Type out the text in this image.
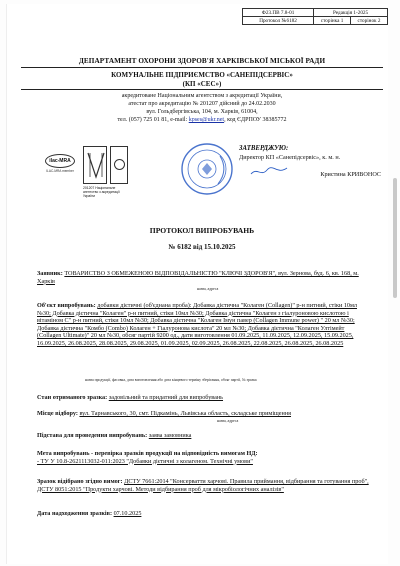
Ф23.ПВ 7.8-01	Редакція 1-2025	
Протокол №6182	сторінка 1	сторінок 2
ДЕПАРТАМЕНТ ОХОРОНИ ЗДОРОВ'Я ХАРКІВСЬКОЇ МІСЬКОЇ РАДИ
КОМУНАЛЬНЕ ПІДПРИЄМСТВО «САНЕПІДСЕРВІС»
(КП «СЕС»)
акредитоване Національним агентством з акредитації України,
атестат про акредитацію № 201207 дійсний до 24.02.2030
вул. Гольдбергівська, 104, м. Харків, 61004,
тел. (057) 725 01 81, e-mail: kpses@ukr.net, код ЄДРПОУ 38385772
ilac-MRA
ILAC-MRA member
201207 Національне агентство з акредитації України
ЗАТВЕРДЖУЮ:
Директор КП «Санепідсервіс», к. м. н.
Кристина КРИВОНОС
ПРОТОКОЛ ВИПРОБУВАНЬ
№ 6182 від 15.10.2025
Заявник: ТОВАРИСТВО З ОБМЕЖЕНОЮ ВІДПОВІДАЛЬНІСТЮ "КЛЮЧІ ЗДОРОВ'Я", вул. Зернова, буд. 6, кв. 168, м. Харків
назва, адреса
Об'єкт випробувань: добавки дієтичні (об'єднана проба): Добавка дієтична "Колаген (Collagen)" р-н питний, стіки 10мл №30; Добавка дієтична "Колаген" р-н питний, стіки 10мл №30; Добавка дієтична "Колаген з гіалуроновою кислотою і вітаміном С" р-н питний, стіки 10мл №30; Добавка дієтична "Колаген Імун павер (Collagen Immune power) " 20 мл №30; Добавка дієтична "Комбо (Combo) Колаген + Гіалуронова кислота" 20 мл №30; Добавка дієтична "Колаген Ултімейт (Collagen Ultimate)" 20 мл №30, обсяг партій 9200 од., дати виготовлення 01.09.2025, 11.09.2025, 12.09.2025, 15.09.2025, 16.09.2025, 26.08.2025, 28.08.2025, 29.08.2025, 01.09.2025, 02.09.2025, 26.08.2025, 22.08.2025, 26.08.2025, 26.08.2025
назва продукції, фасовка, дата виготовлення або дата кінцевого терміну зберігання, обсяг партії, № зразка
Стан отриманого зразка: задовільний та придатний для випробувань
Місце відбору: вул. Тарнавського, 30, смт. Підкамінь, Львівська область, складське приміщення
назва, адреса
Підстава для проведення випробувань: заява замовника
Мета випробувань - перевірка зразків продукції на відповідність вимогам НД:
- ТУ У 10.8-2621113032-011:2023 "Добавки дієтичні з колагеном. Технічні умови"
Зразок відібрано згідно вимог: ДСТУ 7661:2014 "Консерватти харчові. Правила приймання, відбирання та готування проб", ДСТУ 8051:2015 "Продукти харчові. Методи відбирання проб для мікробіологічних аналізів"
Дата надходження зразків: 07.10.2025
